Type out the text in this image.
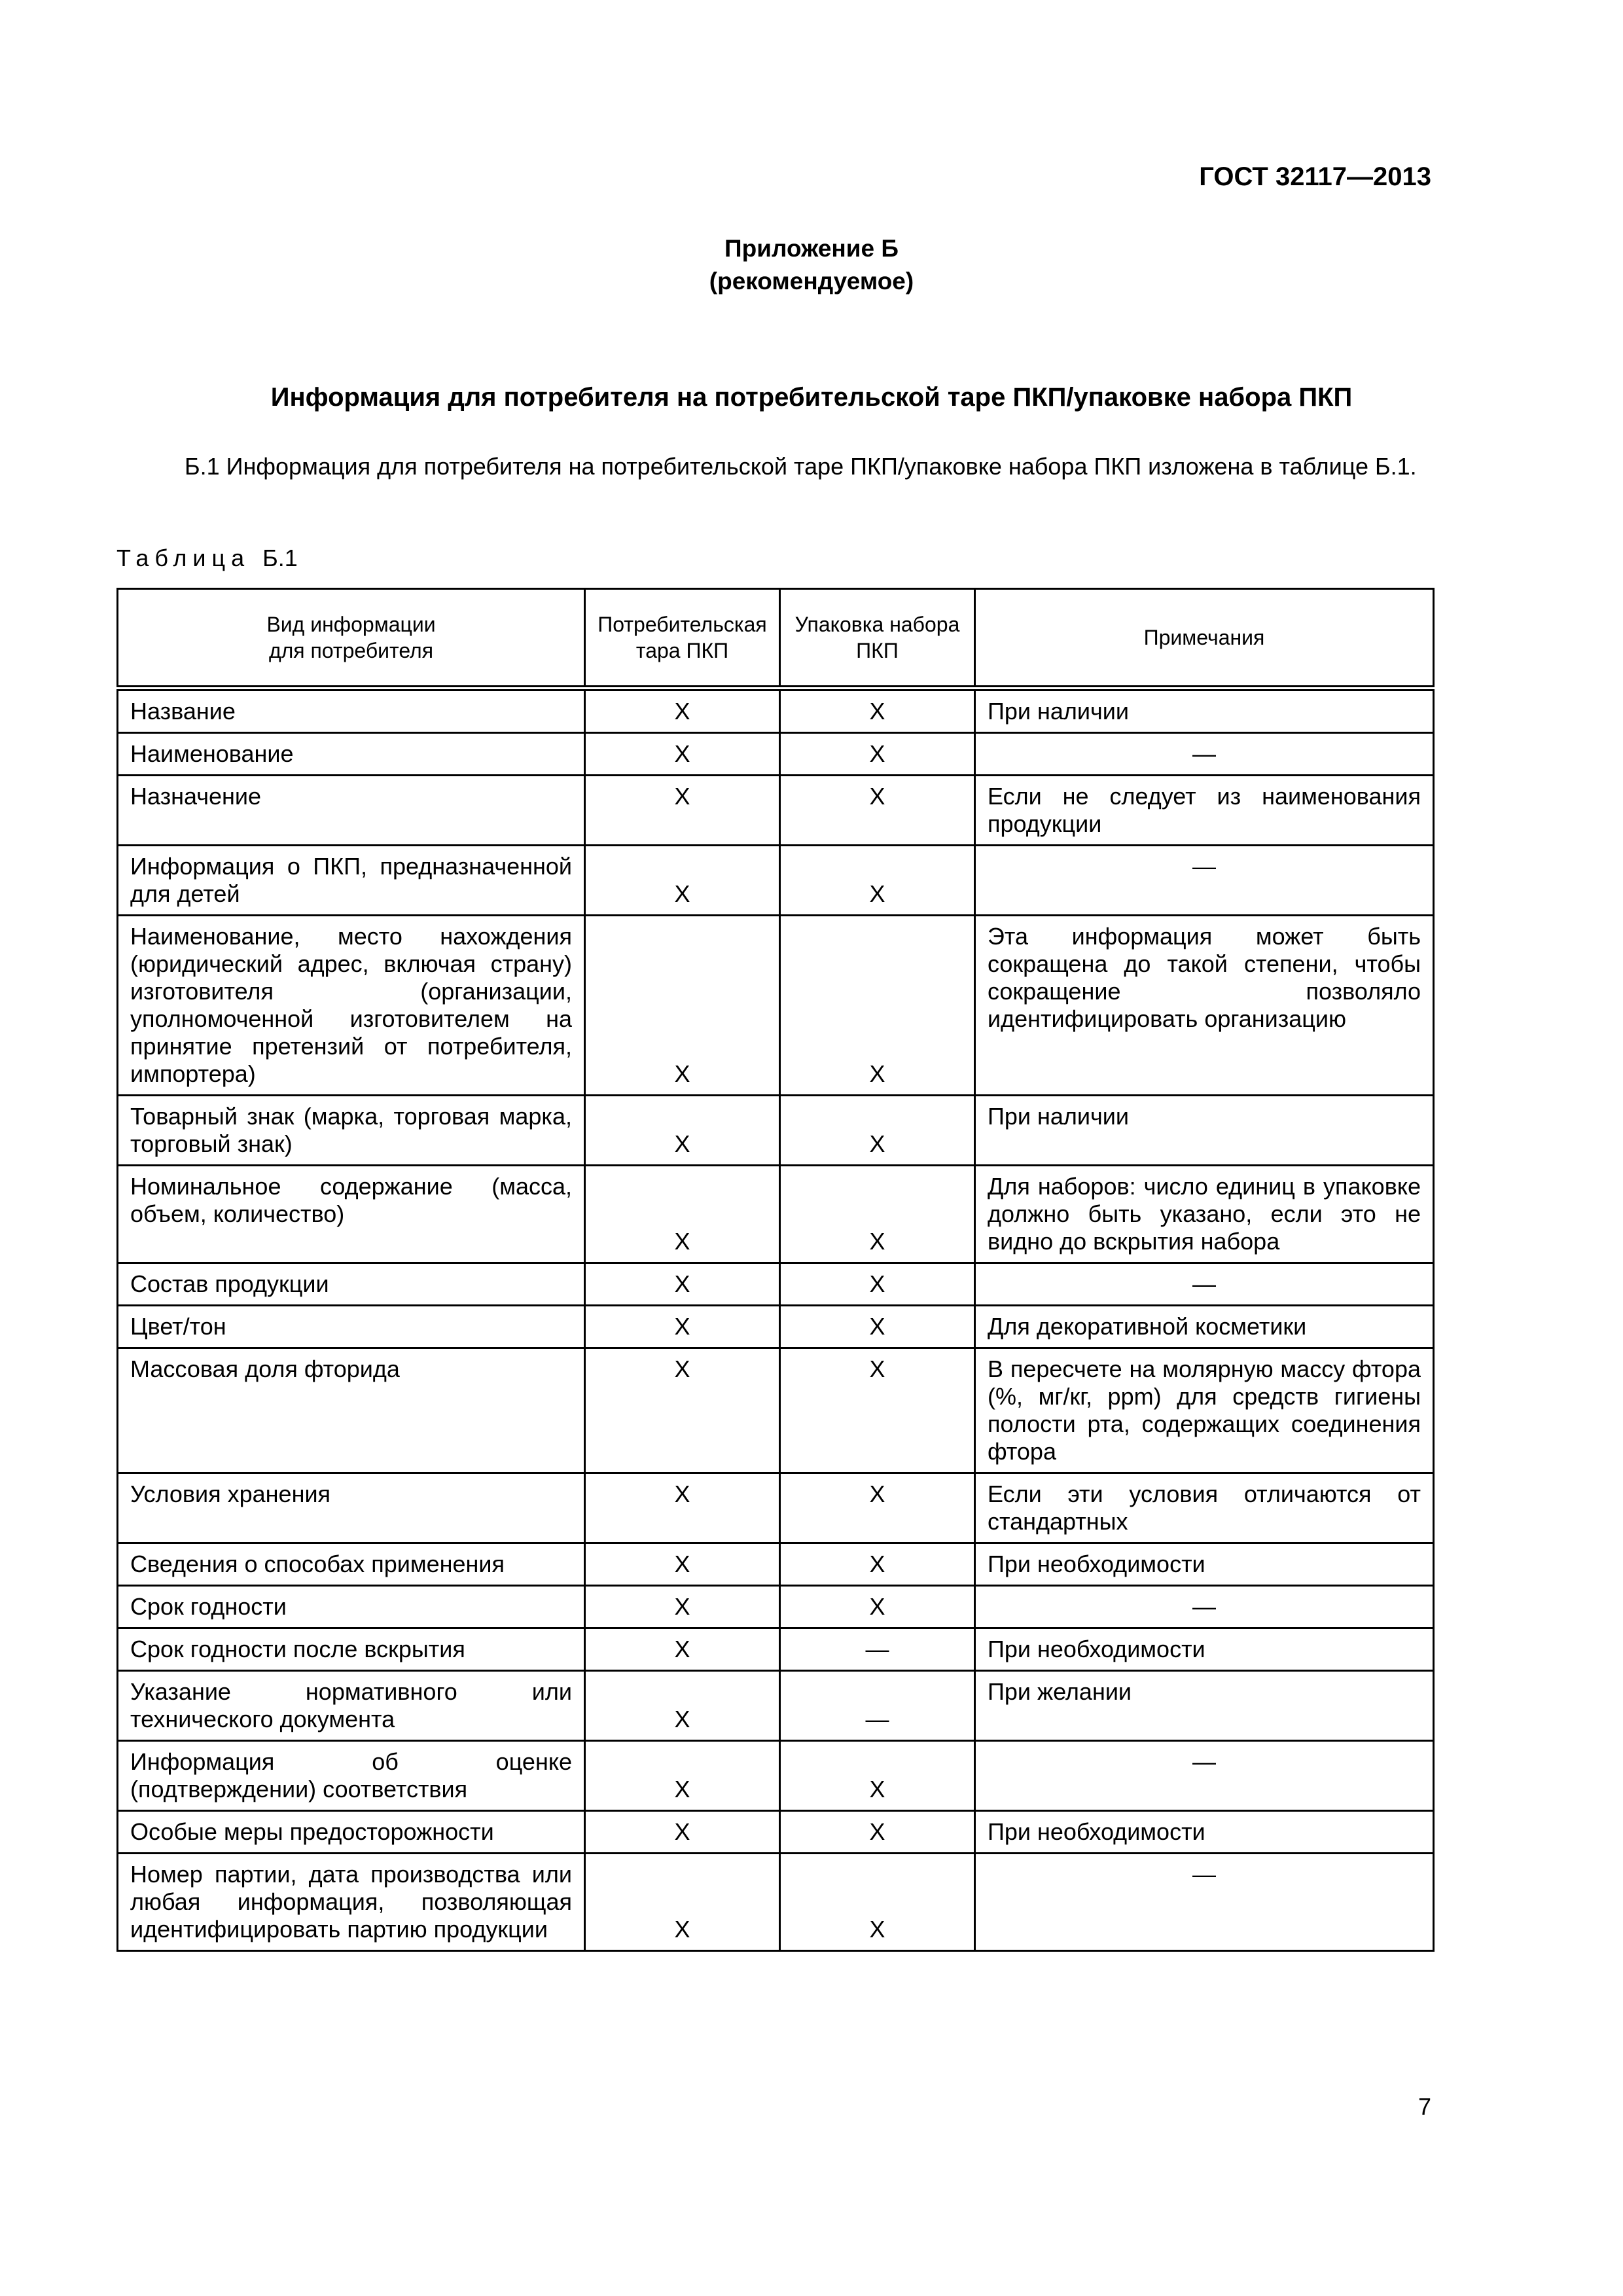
ГОСТ 32117—2013
Приложение Б
(рекомендуемое)
Информация для потребителя на потребительской таре ПКП/упаковке набора ПКП

Б.1 Информация для потребителя на потребительской таре ПКП/упаковке набора ПКП изложена в таблице Б.1.

Таблица Б.1
Вид информации для потребителя	Потребительская тара ПКП	Упаковка набора ПКП	Примечания
Название	X	X	При наличии
Наименование	X	X	—
Назначение	X	X	Если не следует из наименования продукции
Информация о ПКП, предназначенной для детей	X	X	—
Наименование, место нахождения (юридический адрес, включая страну) изготовителя (организации, уполномоченной изготовителем на принятие претензий от потребителя, импортера)	X	X	Эта информация может быть сокращена до такой степени, чтобы сокращение позволяло идентифицировать организацию
Товарный знак (марка, торговая марка, торговый знак)	X	X	При наличии
Номинальное содержание (масса, объем, количество)	X	X	Для наборов: число единиц в упаковке должно быть указано, если это не видно до вскрытия набора
Состав продукции	X	X	—
Цвет/тон	X	X	Для декоративной косметики
Массовая доля фторида	X	X	В пересчете на молярную массу фтора (%, мг/кг, ppm) для средств гигиены полости рта, содержащих соединения фтора
Условия хранения	X	X	Если эти условия отличаются от стандартных
Сведения о способах применения	X	X	При необходимости
Срок годности	X	X	—
Срок годности после вскрытия	X	—	При необходимости
Указание нормативного или технического документа	X	—	При желании
Информация об оценке (подтверждении) соответствия	X	X	—
Особые меры предосторожности	X	X	При необходимости
Номер партии, дата производства или любая информация, позволяющая идентифицировать партию продукции	X	X	—
7
